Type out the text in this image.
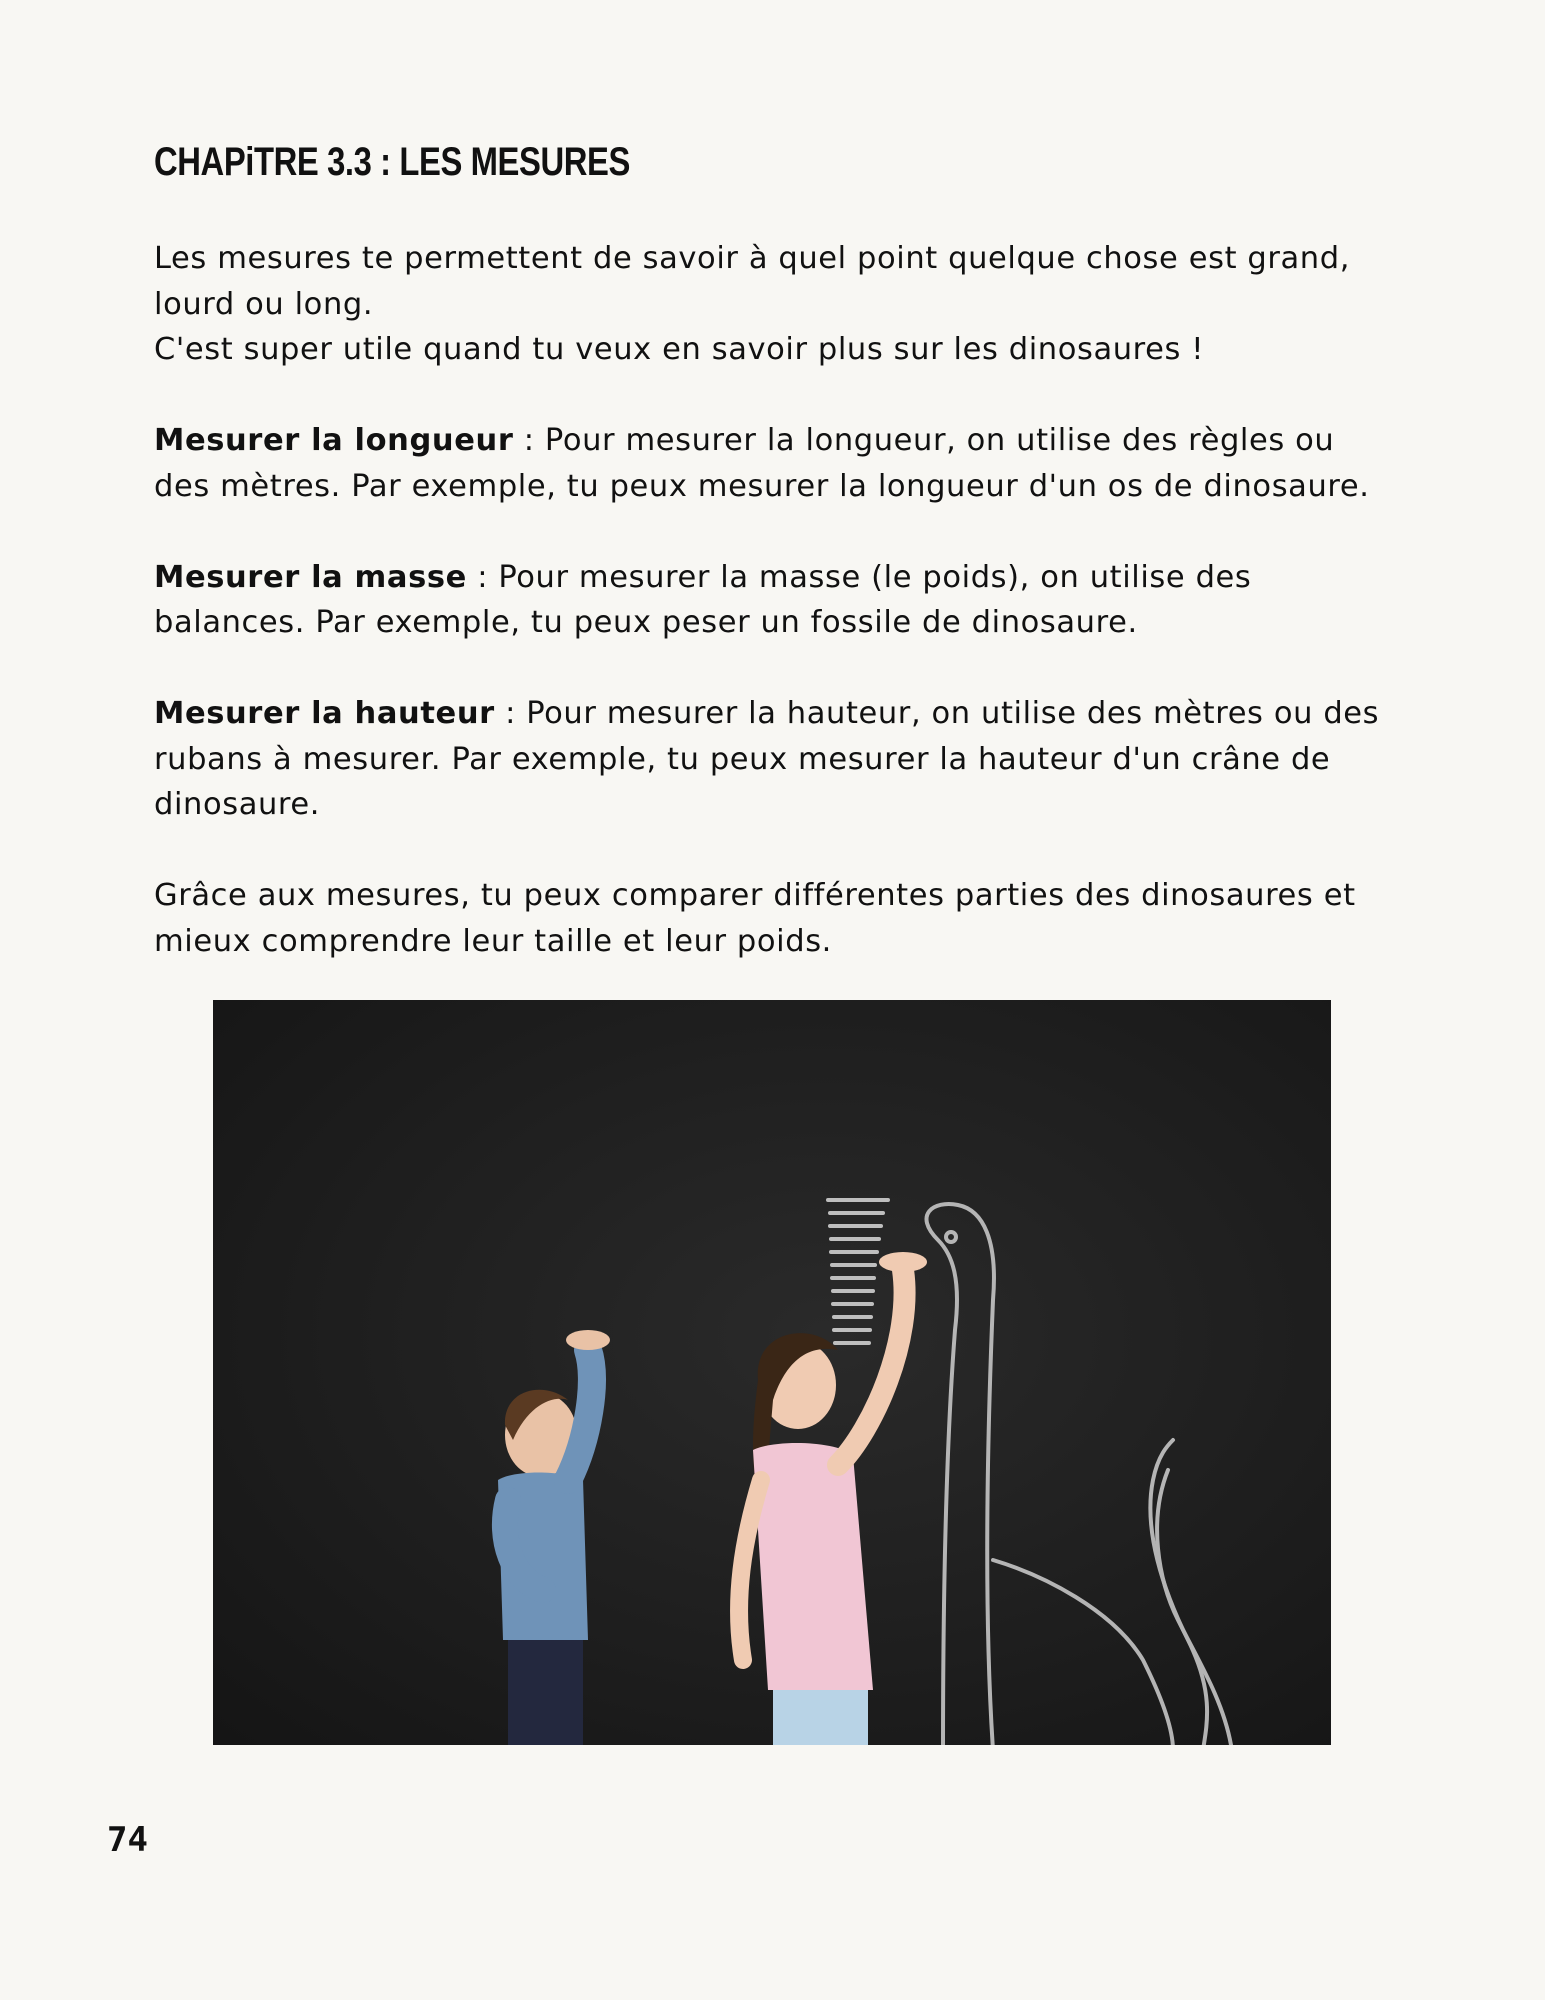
CHAPiTRE 3.3 : LES MESURES

Les mesures te permettent de savoir à quel point quelque chose est grand, lourd ou long.
C'est super utile quand tu veux en savoir plus sur les dinosaures !

Mesurer la longueur : Pour mesurer la longueur, on utilise des règles ou des mètres. Par exemple, tu peux mesurer la longueur d'un os de dinosaure.

Mesurer la masse : Pour mesurer la masse (le poids), on utilise des balances. Par exemple, tu peux peser un fossile de dinosaure.

Mesurer la hauteur : Pour mesurer la hauteur, on utilise des mètres ou des rubans à mesurer. Par exemple, tu peux mesurer la hauteur d'un crâne de dinosaure.

Grâce aux mesures, tu peux comparer différentes parties des dinosaures et mieux comprendre leur taille et leur poids.

74
